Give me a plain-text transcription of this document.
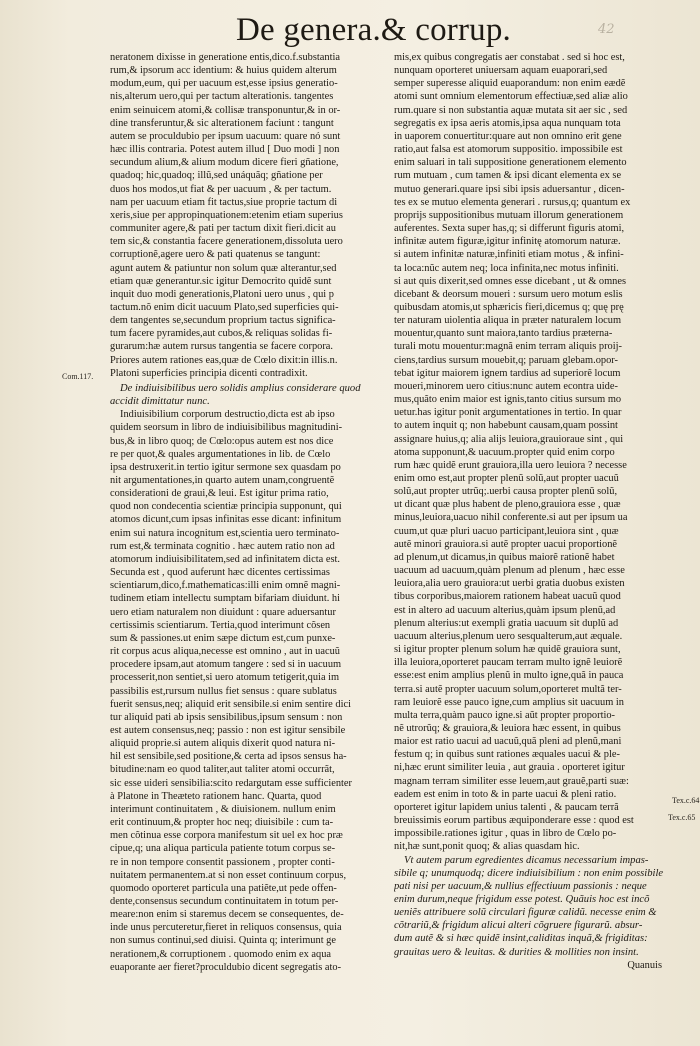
42
De genera.& corrup.
Com.117.
Tex.c.64
Tex.c.65
neratonem dixisse in generatione entis,dico.f.substantia
rum,& ipsorum acc identium: & huius quidem alterum
modum,eum, qui per uacuum est,esse ipsius generatio-
nis,alterum uero,qui per tactum alterationis. tangentes
enim seinuicem atomi,& collisæ transponuntur,& in or-
dine transferuntur,& sic alterationem faciunt : tangunt
autem se proculdubio per ipsum uacuum: quare nó sunt
hæc illis contraria. Potest autem illud [ Duo modi ] non
secundum alium,& alium modum dicere fieri gñatione,
quadoq; hic,quadoq; illũ,sed unáquãq; gñatione per
duos hos modos,ut fiat & per uacuum , & per tactum.
nam per uacuum etiam fit tactus,siue proprie tactum di
xeris,siue per appropinquationem:etenim etiam superius
communiter agere,& pati per tactum dixit fieri.dicit au
tem sic,& constantia facere generationem,dissoluta uero
corruptionẽ,agere uero & pati quatenus se tangunt:
agunt autem & patiuntur non solum quæ alterantur,sed
etiam quæ generantur.sic igitur Democrito quidẽ sunt
inquit duo modi generationis,Platoni uero unus , qui p
tactum.nõ enim dicit uacuum Plato,sed superficies qui-
dem tangentes se,secundum proprium tactus significa-
tum facere pyramides,aut cubos,& reliquas solidas fi-
gurarum:hæ autem rursus tangentia se facere corpora.
Priores autem rationes eas,quæ de Cœlo dixit:in illis.n.
Platoni superficies principia dicenti contradixit.
De indiuisibilibus uero solidis amplius considerare quod
accidit dimittatur nunc.
Indiuisibilium corporum destructio,dicta est ab ipso
quidem seorsum in libro de indiuisibilibus magnitudini-
bus,& in libro quoq; de Cœlo:opus autem est nos dice
re per quot,& quales argumentationes in lib. de Cœlo
ipsa destruxerit.in tertio igitur sermone sex quasdam po
nit argumentationes,in quarto autem unam,congruentẽ
considerationi de graui,& leui. Est igitur prima ratio,
quod non condecentia scientiæ principia supponunt, qui
atomos dicunt,cum ipsas infinitas esse dicant: infinitum
enim sui natura incognitum est,scientia uero terminato-
rum est,& terminata cognitio . hæc autem ratio non ad
atomorum indiuisibilitatem,sed ad infinitatem dicta est.
Secunda est , quod auferunt hæc dicentes certissimas
scientiarum,dico,f.mathematicas:illi enim omnẽ magni-
tudinem etiam intellectu sumptam bifariam diuidunt. hi
uero etiam naturalem non diuidunt : quare aduersantur
certissimis scientiarum. Tertia,quod interimunt cõsen
sum & passiones.ut enim sæpe dictum est,cum punxe-
rit corpus acus aliqua,necesse est omnino , aut in uacuũ
procedere ipsam,aut atomum tangere : sed si in uacuum
processerit,non sentiet,si uero atomum tetigerit,quia im
passibilis est,rursum nullus fiet sensus : quare sublatus
fuerit sensus,neq; aliquid erit sensibile.si enim sentire dici
tur aliquid pati ab ipsis sensibilibus,ipsum sensum : non
est autem consensus,neq; passio : non est igitur sensibile
aliquid proprie.si autem aliquis dixerit quod natura ni-
hil est sensibile,sed positione,& certa ad ipsos sensus ha-
bitudine:nam eo quod taliter,aut taliter atomi occurrãt,
sic esse uideri sensibilia:scito redargutam esse sufficienter
à Platone in Theæteto rationem hanc. Quarta, quod
interimunt continuitatem , & diuisionem. nullum enim
erit continuum,& propter hoc neq; diuisibile : cum ta-
men cõtinua esse corpora manifestum sit uel ex hoc præ
cipue,q; una aliqua particula patiente totum corpus se-
re in non tempore consentit passionem , propter conti-
nuitatem permanentem.at si non esset continuum corpus,
quomodo oporteret particula una patiẽte,ut pede offen-
dente,consensus secundum continuitatem in totum per-
meare:non enim si staremus decem se consequentes, de-
inde unus percuteretur,fieret in reliquos consensus, quia
non sumus continui,sed diuisi. Quinta q; interimunt ge
nerationem,& corruptionem . quomodo enim ex aqua
euaporante aer fieret?proculdubio dicent segregatis ato-
mis,ex quibus congregatis aer constabat . sed si hoc est,
nunquam oporteret uniuersam aquam euaporari,sed
semper superesse aliquid euaporandum: non enim eædẽ
atomi sunt omnium elementorum effectiuæ,sed aliæ alio
rum.quare si non substantia aquæ mutata sit aer sic , sed
segregatis ex ipsa aeris atomis,ipsa aqua nunquam tota
in uaporem conuertitur:quare aut non omnino erit gene
ratio,aut falsa est atomorum suppositio. impossibile est
enim saluari in tali suppositione generationem elemento
rum mutuam , cum tamen & ipsi dicant elementa ex se
mutuo generari.quare ipsi sibi ipsis aduersantur , dicen-
tes ex se mutuo elementa generari . rursus,q; quantum ex
proprijs suppositionibus mutuam illorum generationem
auferentes. Sexta super has,q; si differunt figuris atomi,
infinitæ autem figuræ,igitur infinitę atomorum naturæ.
si autem infinitæ naturæ,infiniti etiam motus , & infini-
ta loca:nũc autem neq; loca infinita,nec motus infiniti.
si aut quis dixerit,sed omnes esse dicebant , ut & omnes
dicebant & deorsum moueri : sursum uero motum eslis
quibusdam atomis,ut sphæricis fieri,dicemus q; quę prę
ter naturam uiolentia aliqua in præter naturalem locum
mouentur,quanto sunt maiora,tanto tardius præterna-
turali motu mouentur:magnã enim terram aliquis proij-
ciens,tardius sursum mouebit,q; paruam glebam.opor-
tebat igitur maiorem ignem tardius ad superiorẽ locum
moueri,minorem uero citius:nunc autem econtra uide-
mus,quãto enim maior est ignis,tanto citius sursum mo
uetur.has igitur ponit argumentationes in tertio. In quar
to autem inquit q; non habebunt causam,quam possint
assignare huius,q; alia alijs leuiora,grauioraue sint , qui
atoma supponunt,& uacuum.propter quid enim corpo
rum hæc quidẽ erunt grauiora,illa uero leuiora ? necesse
enim omo est,aut propter plenũ solũ,aut propter uacuũ
solũ,aut propter utrũq;.uerbi causa propter plenũ solũ,
ut dicant quæ plus habent de pleno,grauiora esse , quæ
minus,leuiora,uacuo nihil conferente.si aut per ipsum ua
cuum,ut quæ pluri uacuo participant,leuiora sint , quæ
autẽ minori grauiora.si autẽ propter uacui proportionẽ
ad plenum,ut dicamus,in quibus maiorẽ rationẽ habet
uacuum ad uacuum,quàm plenum ad plenum , hæc esse
leuiora,alia uero grauiora:ut uerbi gratia duobus existen
tibus corporibus,maiorem rationem habeat uacuũ quod
est in altero ad uacuum alterius,quàm ipsum plenũ,ad
plenum alterius:ut exempli gratia uacuum sit duplũ ad
uacuum alterius,plenum uero sesqualterum,aut æquale.
si igitur propter plenum solum hæ quidẽ grauiora sunt,
illa leuiora,oporteret paucam terram multo ignẽ leuiorẽ
esse:est enim amplius plenũ in multo igne,quã in pauca
terra.si autẽ propter uacuum solum,oporteret multã ter-
ram leuiorẽ esse pauco igne,cum amplius sit uacuum in
multa terra,quàm pauco igne.si aũt propter proportio-
nẽ utrorũq; & grauiora,& leuiora hæc essent, in quibus
maior est ratio uacui ad uacuũ,quã pleni ad plenũ,mani
festum q; in quibus sunt rationes æquales uacui & ple-
ni,hæc erunt similiter leuia , aut grauia . oporteret igitur
magnam terram similiter esse leuem,aut grauẽ,parti suæ:
eadem est enim in toto & in parte uacui & pleni ratio.
oporteret igitur lapidem unius talenti , & paucam terrã
breuissimis eorum partibus æquiponderare esse : quod est
impossibile.rationes igitur , quas in libro de Cœlo po-
nit,hæ sunt,ponit quoq; & alias quasdam hic.
Vt autem parum egredientes dicamus necessarium impas-
sibile q; unumquodq; dicere indiuisibilium : non enim possibile
pati nisi per uacuum,& nullius effectiuum passionis : neque
enim durum,neque frigidum esse potest. Quãuis hoc est incõ
ueniẽs attribuere solũ circulari figuræ calidũ. necesse enim &
cõtrariũ,& frigidum alicui alteri cõgruere figurarũ. absur-
dum autẽ & si hæc quidẽ insint,caliditas inquã,& frigiditas:
grauitas uero & leuitas. & durities & mollities non insint.
Quanuis
